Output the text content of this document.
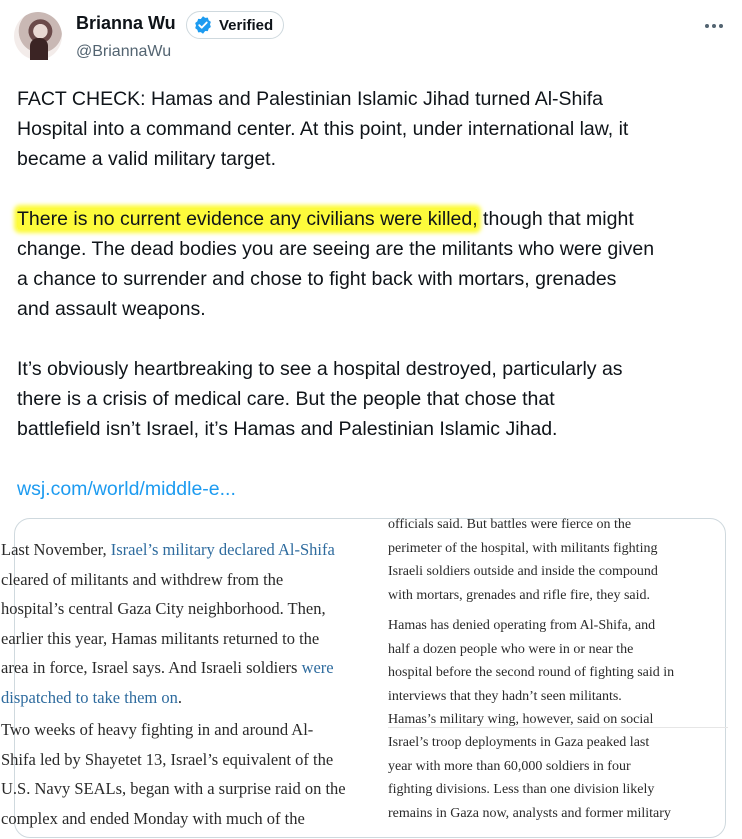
Brianna Wu	Verified
@BriannaWu

FACT CHECK: Hamas and Palestinian Islamic Jihad turned Al-Shifa
Hospital into a command center. At this point, under international law, it
became a valid military target.

There is no current evidence any civilians were killed, though that might
change. The dead bodies you are seeing are the militants who were given
a chance to surrender and chose to fight back with mortars, grenades
and assault weapons.

It’s obviously heartbreaking to see a hospital destroyed, particularly as
there is a crisis of medical care. But the people that chose that
battlefield isn’t Israel, it’s Hamas and Palestinian Islamic Jihad.

wsj.com/world/middle-e...

Last November, Israel’s military declared Al-Shifa
cleared of militants and withdrew from the
hospital’s central Gaza City neighborhood. Then,
earlier this year, Hamas militants returned to the
area in force, Israel says. And Israeli soldiers were
dispatched to take them on.
Two weeks of heavy fighting in and around Al-
Shifa led by Shayetet 13, Israel’s equivalent of the
U.S. Navy SEALs, began with a surprise raid on the
complex and ended Monday with much of the
officials said. But battles were fierce on the
perimeter of the hospital, with militants fighting
Israeli soldiers outside and inside the compound
with mortars, grenades and rifle fire, they said.
Hamas has denied operating from Al-Shifa, and
half a dozen people who were in or near the
hospital before the second round of fighting said in
interviews that they hadn’t seen militants.
Hamas’s military wing, however, said on social
Israel’s troop deployments in Gaza peaked last
year with more than 60,000 soldiers in four
fighting divisions. Less than one division likely
remains in Gaza now, analysts and former military
